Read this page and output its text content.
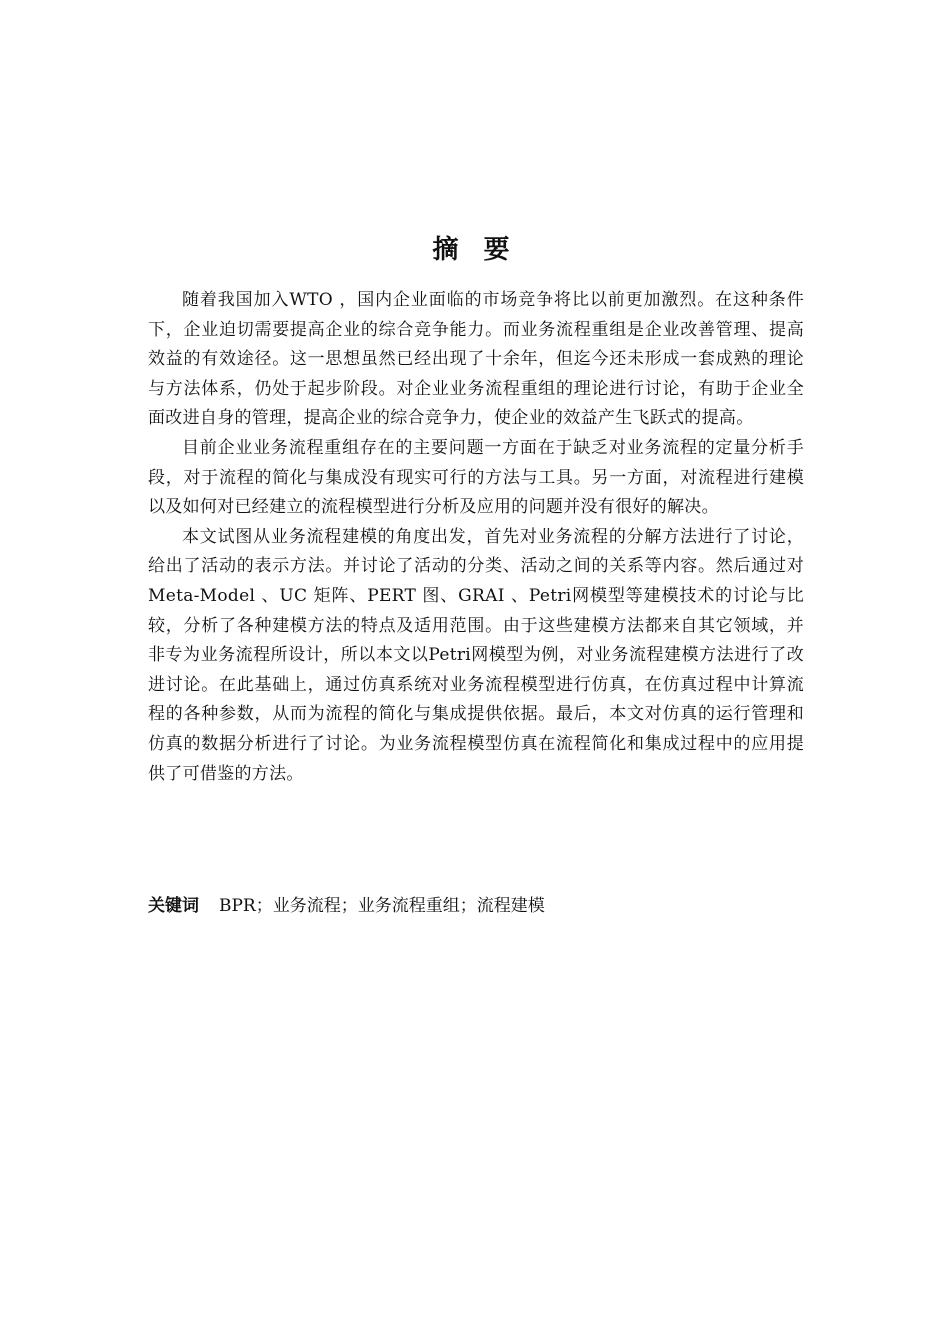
摘 要

随着我国加入WTO ，国内企业面临的市场竞争将比以前更加激烈。在这种条件下，企业迫切需要提高企业的综合竞争能力。而业务流程重组是企业改善管理、提高效益的有效途径。这一思想虽然已经出现了十余年，但迄今还未形成一套成熟的理论与方法体系，仍处于起步阶段。对企业业务流程重组的理论进行讨论，有助于企业全面改进自身的管理，提高企业的综合竞争力，使企业的效益产生飞跃式的提高。

目前企业业务流程重组存在的主要问题一方面在于缺乏对业务流程的定量分析手段，对于流程的简化与集成没有现实可行的方法与工具。另一方面，对流程进行建模以及如何对已经建立的流程模型进行分析及应用的问题并没有很好的解决。

本文试图从业务流程建模的角度出发，首先对业务流程的分解方法进行了讨论，给出了活动的表示方法。并讨论了活动的分类、活动之间的关系等内容。然后通过对Meta-Model 、UC 矩阵、PERT 图、GRAI 、Petri网模型等建模技术的讨论与比较，分析了各种建模方法的特点及适用范围。由于这些建模方法都来自其它领域，并非专为业务流程所设计，所以本文以Petri网模型为例，对业务流程建模方法进行了改进讨论。在此基础上，通过仿真系统对业务流程模型进行仿真，在仿真过程中计算流程的各种参数，从而为流程的简化与集成提供依据。最后，本文对仿真的运行管理和仿真的数据分析进行了讨论。为业务流程模型仿真在流程简化和集成过程中的应用提供了可借鉴的方法。

关键词 BPR；业务流程；业务流程重组；流程建模
